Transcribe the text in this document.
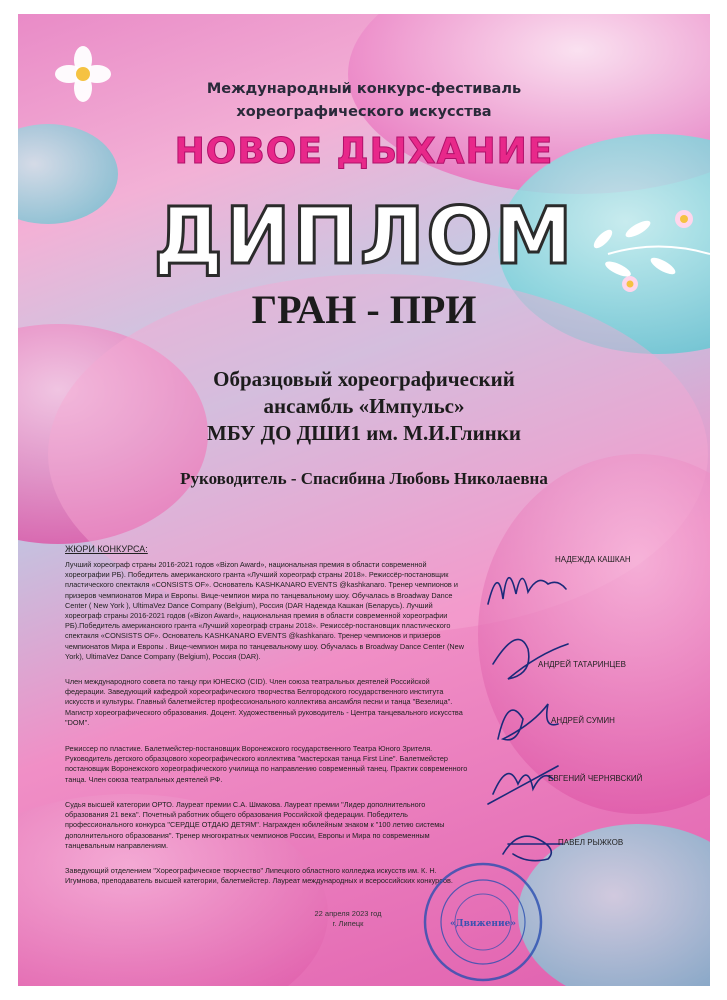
Международный конкурс-фестиваль
хореографического искусства
НОВОЕ ДЫХАНИЕ
ДИПЛОМ
ГРАН - ПРИ
Образцовый хореографический
ансамбль «Импульс»
МБУ ДО ДШИ1 им. М.И.Глинки
Руководитель - Спасибина Любовь Николаевна
ЖЮРИ КОНКУРСА:
Лучший хореограф страны 2016-2021 годов «Bizon Award», национальная премия в области современной хореографии РБ). Победитель американского гранта «Лучший хореограф страны 2018». Режиссёр-постановщик пластического спектакля «CONSISTS OF». Основатель KASHKANARO EVENTS @kashkanaro. Тренер чемпионов и призеров чемпионатов Мира и Европы. Вице-чемпион мира по танцевальному шоу. Обучалась в Broadway Dance Center ( New York ), UltimaVez Dance Company (Belgium), Россия (DAR Надежда Кашкан (Беларусь). Лучший хореограф страны 2016-2021 годов («Bizon Award», национальная премия в области современной хореографии РБ).Победитель американского гранта «Лучший хореограф страны 2018». Режиссёр-постановщик пластического спектакля «CONSISTS OF». Основатель KASHKANARO EVENTS @kashkanaro. Тренер чемпионов и призеров чемпионатов Мира и Европы . Вице-чемпион мира по танцевальному шоу. Обучалась в Broadway Dance Center (New York), UltimaVez Dance Company (Belgium), Россия (DAR).
Член международного совета по танцу при ЮНЕСКО (CID). Член союза театральных деятелей Российской федерации. Заведующий кафедрой хореографического творчества Белгородского государственного института искусств и культуры. Главный балетмейстер профессионального коллектива ансамбля песни и танца "Везелица". Магистр хореографического образования. Доцент. Художественный руководитель - Центра танцевального искусства "DOM".
Режиссер по пластике. Балетмейстер-постановщик Воронежского государственного Театра Юного Зрителя. Руководитель детского образцового хореографического коллектива "мастерская танца First Line". Балетмейстер постановщик Воронежского хореографического училища по направлению современный танец. Практик современного танца. Член союза театральных деятелей РФ.
Судья высшей категории ОРТО. Лауреат премии С.А. Шмакова. Лауреат премии "Лидер дополнительного образования 21 века". Почетный работник общего образования Российской федерации. Победитель профессионального конкурса "СЕРДЦЕ ОТДАЮ ДЕТЯМ". Награжден юбилейным знаком к "100 летию системы дополнительного образования". Тренер многократных чемпионов России, Европы и Мира по современным танцевальным направлениям.
Заведующий отделением "Хореографическое творчество" Липецкого областного колледжа искусств им. К. Н. Игумнова, преподаватель высшей категории, балетмейстер. Лауреат международных и всероссийских конкурсов.
НАДЕЖДА КАШКАН
АНДРЕЙ ТАТАРИНЦЕВ
АНДРЕЙ СУМИН
ЕВГЕНИЙ ЧЕРНЯВСКИЙ
ПАВЕЛ РЫЖКОВ
22 апреля 2023 год
г. Липецк	«Движение»
